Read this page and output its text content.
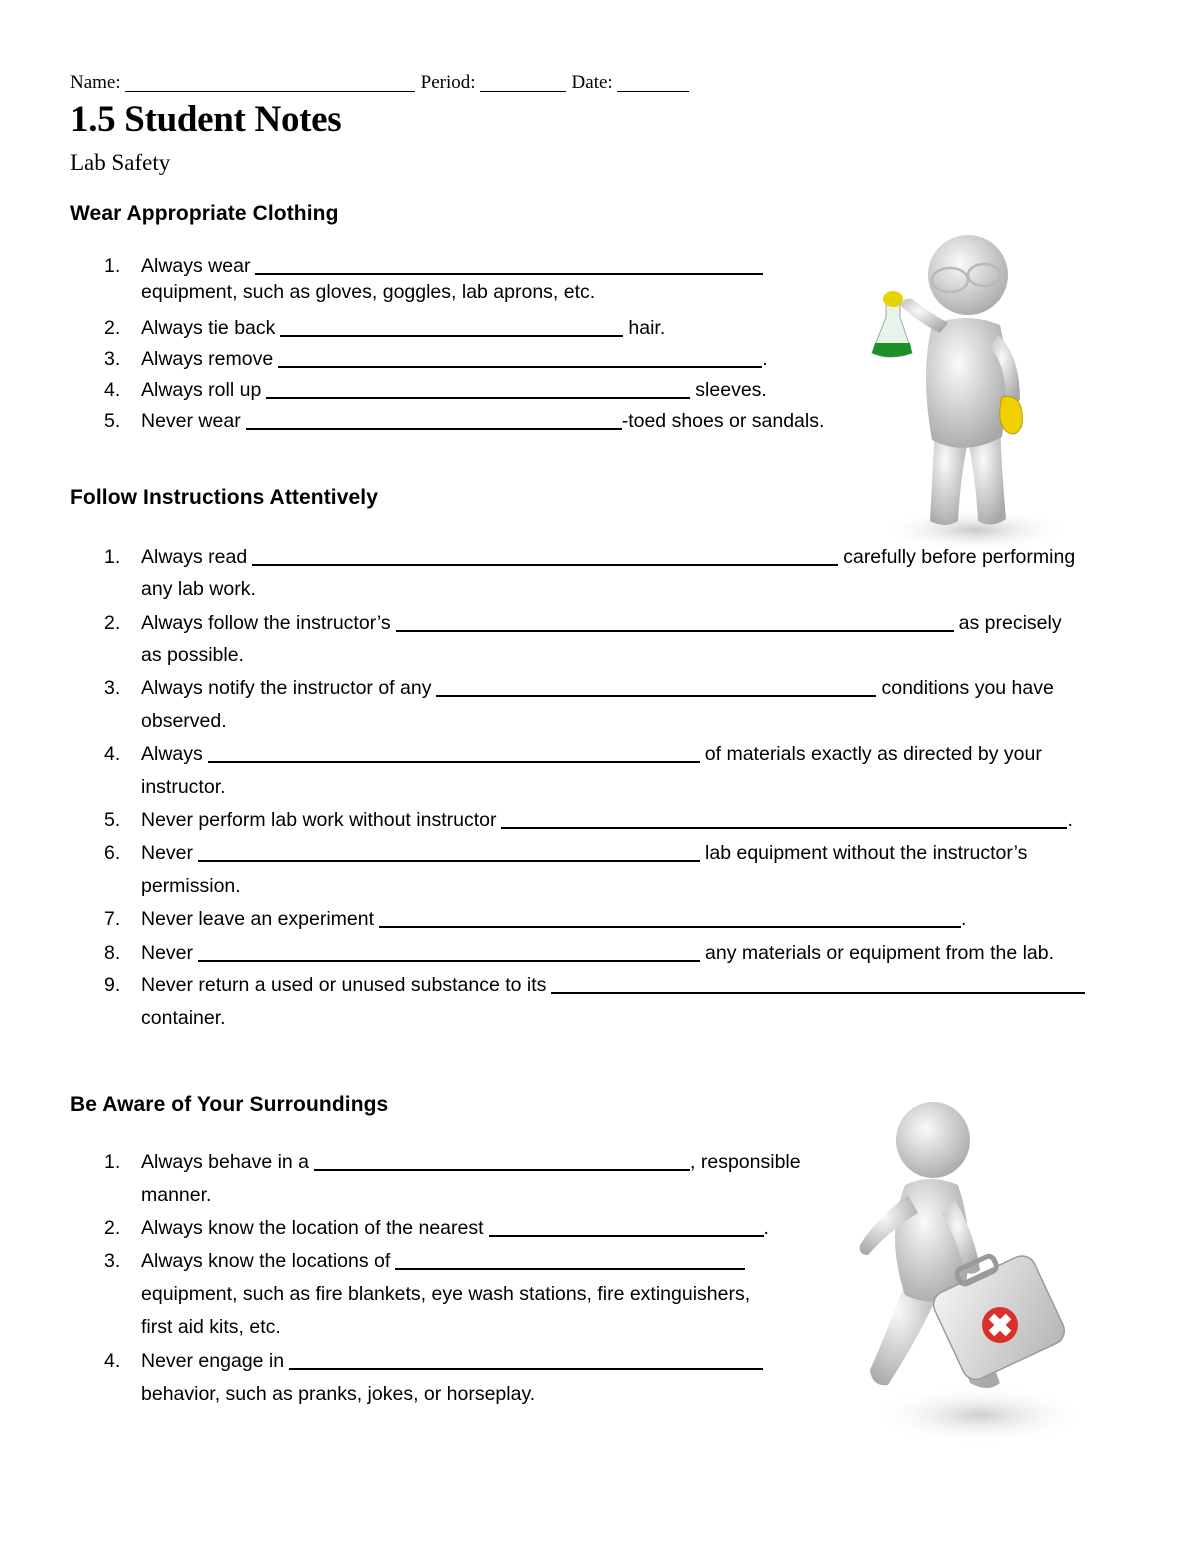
Name:	Period:	Date:
1.5 Student Notes
Lab Safety
Wear Appropriate Clothing
1.	Always wear
equipment, such as gloves, goggles, lab aprons, etc.
2.	Always tie back	hair.
3.	Always remove	.
4.	Always roll up	sleeves.
5.	Never wear	-toed shoes or sandals.
Follow Instructions Attentively
1.	Always read	carefully before performing
any lab work.
2.	Always follow the instructor’s	as precisely
as possible.
3.	Always notify the instructor of any	conditions you have
observed.
4.	Always	of materials exactly as directed by your
instructor.
5.	Never perform lab work without instructor	.
6.	Never	lab equipment without the instructor’s
permission.
7.	Never leave an experiment	.
8.	Never	any materials or equipment from the lab.
9.	Never return a used or unused substance to its
container.
Be Aware of Your Surroundings
1.	Always behave in a	, responsible
manner.
2.	Always know the location of the nearest	.
3.	Always know the locations of
equipment, such as fire blankets, eye wash stations, fire extinguishers,
first aid kits, etc.
4.	Never engage in
behavior, such as pranks, jokes, or horseplay.
